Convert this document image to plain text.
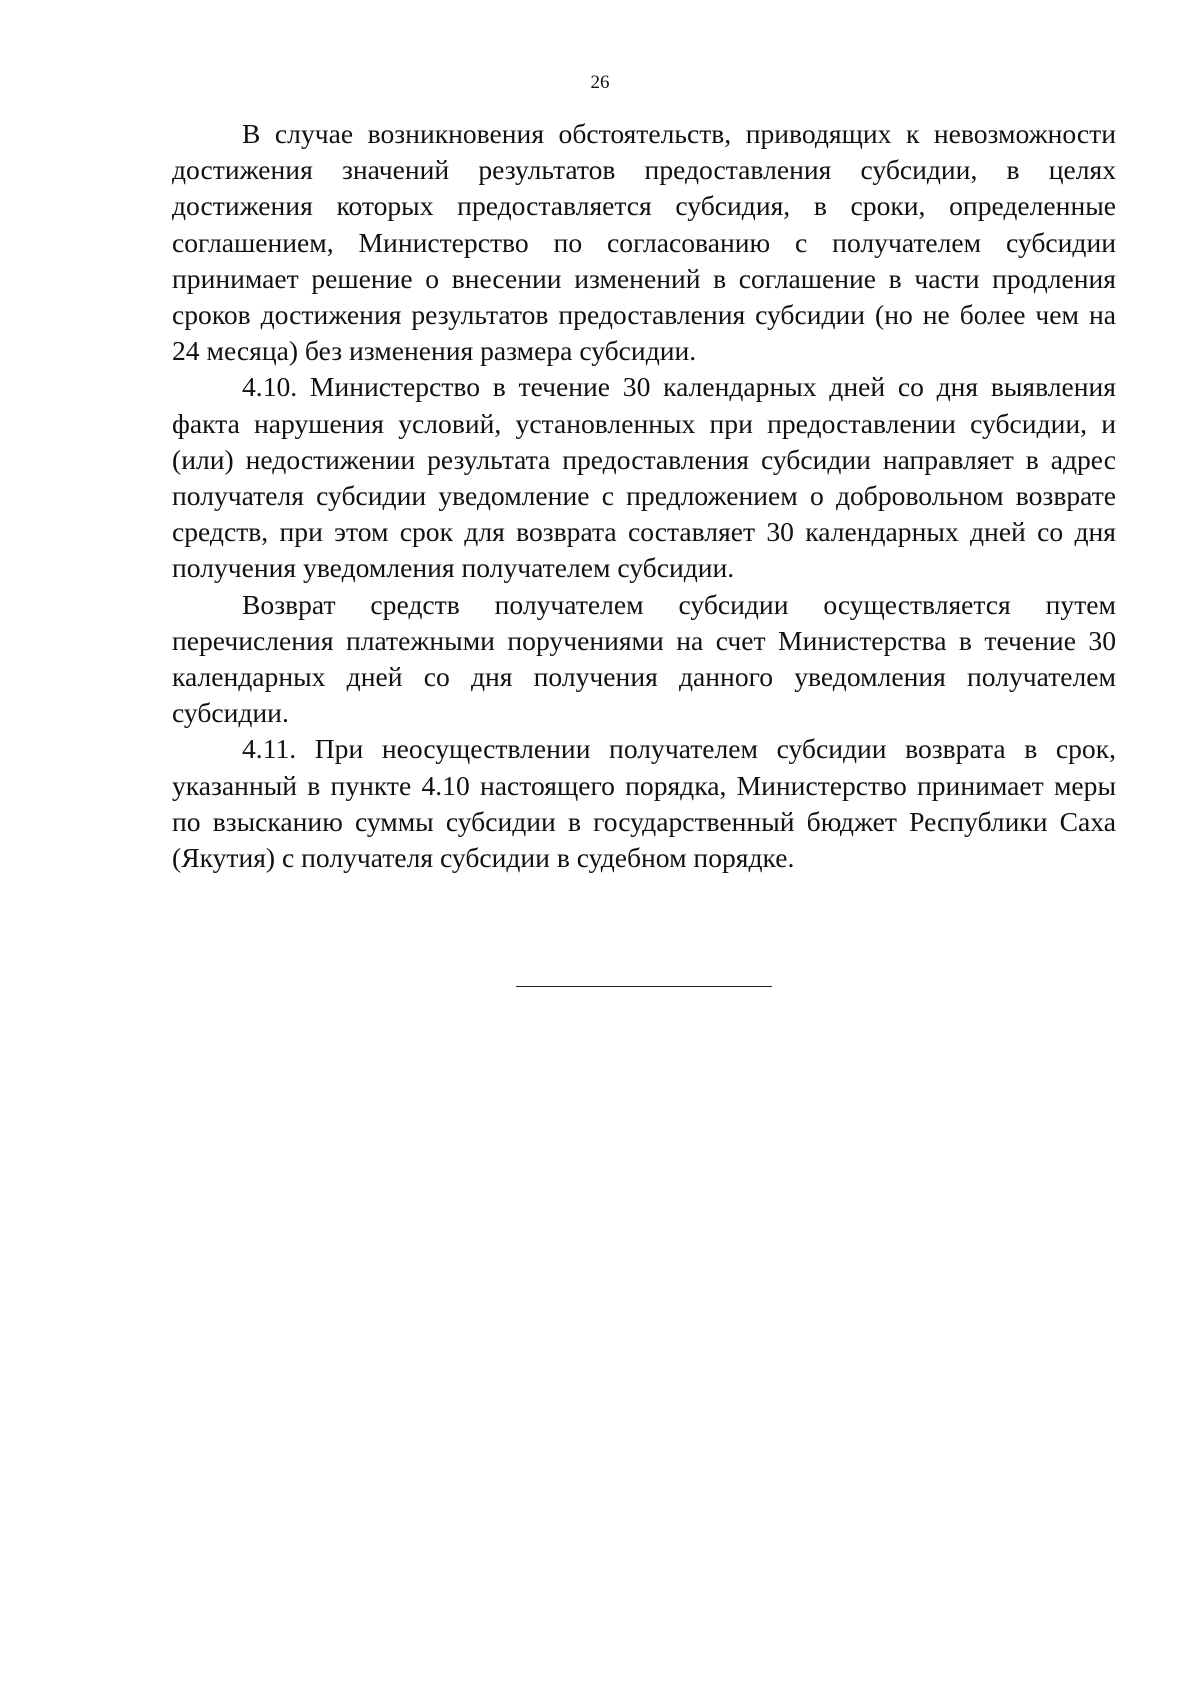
26

В случае возникновения обстоятельств, приводящих к невозможности достижения значений результатов предоставления субсидии, в целях достижения которых предоставляется субсидия, в сроки, определенные соглашением, Министерство по согласованию с получателем субсидии принимает решение о внесении изменений в соглашение в части продления сроков достижения результатов предоставления субсидии (но не более чем на 24 месяца) без изменения размера субсидии.

4.10. Министерство в течение 30 календарных дней со дня выявления факта нарушения условий, установленных при предоставлении субсидии, и (или) недостижении результата предоставления субсидии направляет в адрес получателя субсидии уведомление с предложением о добровольном возврате средств, при этом срок для возврата составляет 30 календарных дней со дня получения уведомления получателем субсидии.

Возврат средств получателем субсидии осуществляется путем перечисления платежными поручениями на счет Министерства в течение 30 календарных дней со дня получения данного уведомления получателем субсидии.

4.11. При неосуществлении получателем субсидии возврата в срок, указанный в пункте 4.10 настоящего порядка, Министерство принимает меры по взысканию суммы субсидии в государственный бюджет Республики Саха (Якутия) с получателя субсидии в судебном порядке.
